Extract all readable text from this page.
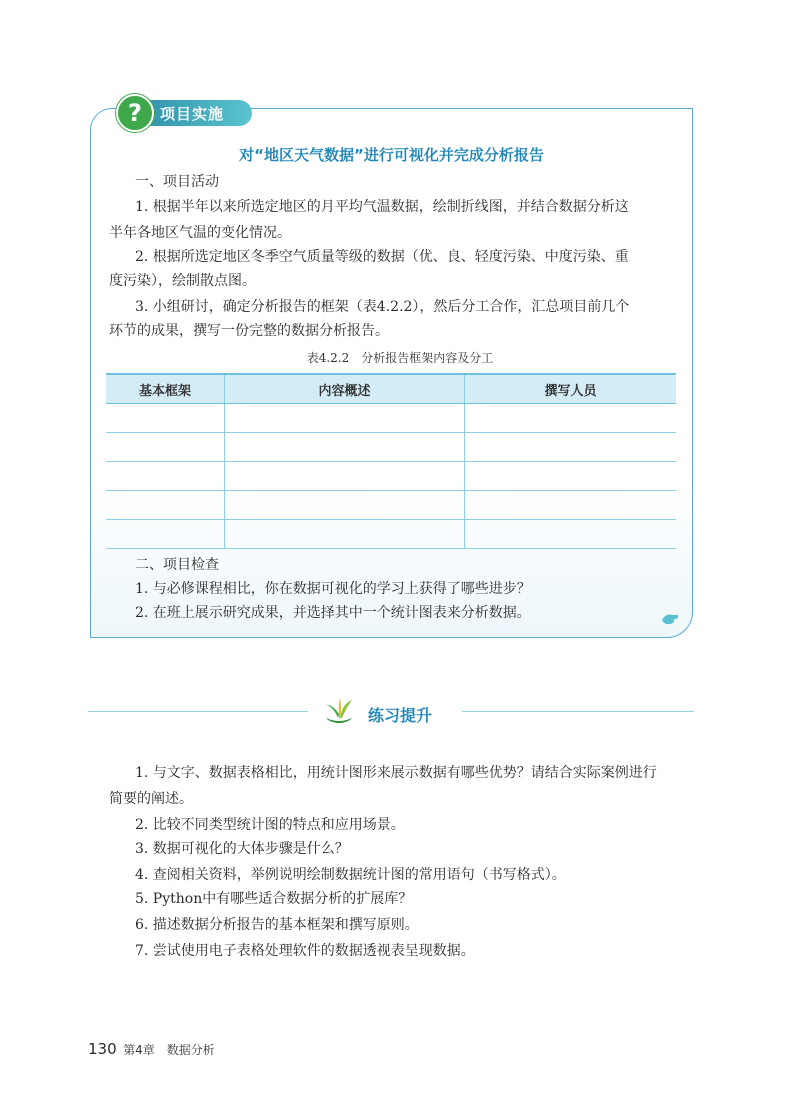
?	项目实施
对“地区天气数据”进行可视化并完成分析报告
一、项目活动
1. 根据半年以来所选定地区的月平均气温数据，绘制折线图，并结合数据分析这
半年各地区气温的变化情况。
2. 根据所选定地区冬季空气质量等级的数据（优、良、轻度污染、中度污染、重
度污染），绘制散点图。
3. 小组研讨，确定分析报告的框架（表4.2.2），然后分工合作，汇总项目前几个
环节的成果，撰写一份完整的数据分析报告。
表4.2.2　分析报告框架内容及分工
基本框架	内容概述	撰写人员

二、项目检查
1. 与必修课程相比，你在数据可视化的学习上获得了哪些进步？
2. 在班上展示研究成果，并选择其中一个统计图表来分析数据。
练习提升
1. 与文字、数据表格相比，用统计图形来展示数据有哪些优势？请结合实际案例进行
简要的阐述。
2. 比较不同类型统计图的特点和应用场景。
3. 数据可视化的大体步骤是什么？
4. 查阅相关资料，举例说明绘制数据统计图的常用语句（书写格式）。
5. Python中有哪些适合数据分析的扩展库？
6. 描述数据分析报告的基本框架和撰写原则。
7. 尝试使用电子表格处理软件的数据透视表呈现数据。
130 第4章　数据分析
